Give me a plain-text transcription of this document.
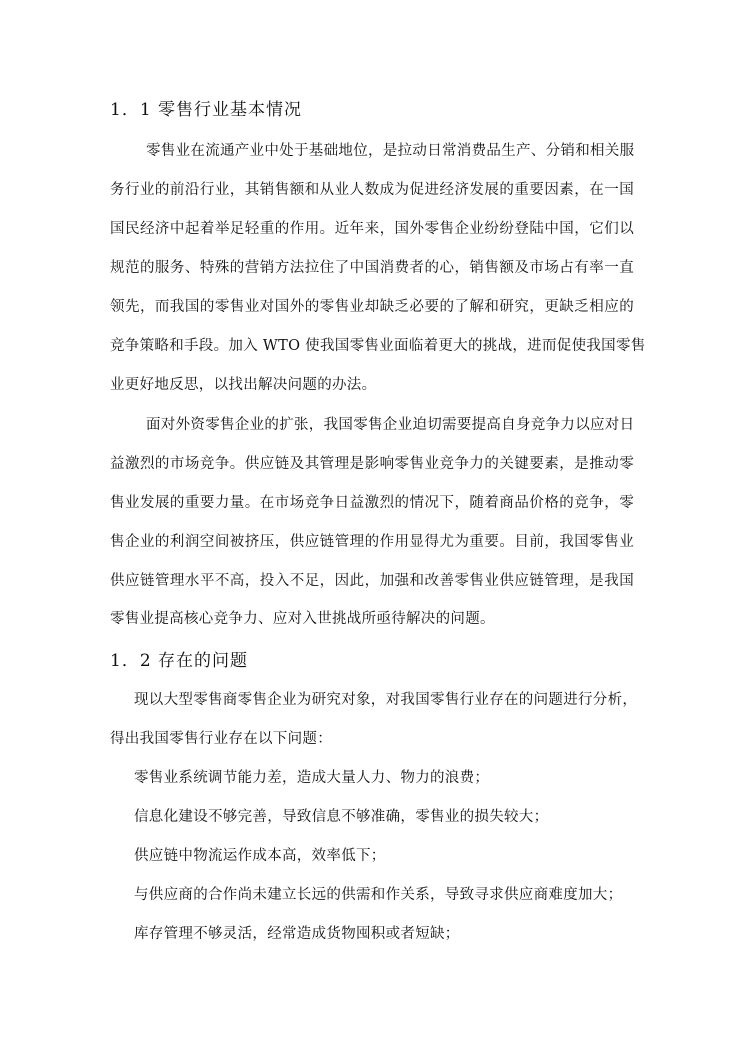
1．1 零售行业基本情况
零售业在流通产业中处于基础地位，是拉动日常消费品生产、分销和相关服
务行业的前沿行业，其销售额和从业人数成为促进经济发展的重要因素，在一国
国民经济中起着举足轻重的作用。近年来，国外零售企业纷纷登陆中国，它们以
规范的服务、特殊的营销方法拉住了中国消费者的心，销售额及市场占有率一直
领先，而我国的零售业对国外的零售业却缺乏必要的了解和研究，更缺乏相应的
竞争策略和手段。加入 WTO 使我国零售业面临着更大的挑战，进而促使我国零售
业更好地反思，以找出解决问题的办法。
面对外资零售企业的扩张，我国零售企业迫切需要提高自身竞争力以应对日
益激烈的市场竞争。供应链及其管理是影响零售业竞争力的关键要素，是推动零
售业发展的重要力量。在市场竞争日益激烈的情况下，随着商品价格的竞争，零
售企业的利润空间被挤压，供应链管理的作用显得尤为重要。目前，我国零售业
供应链管理水平不高，投入不足，因此，加强和改善零售业供应链管理，是我国
零售业提高核心竞争力、应对入世挑战所亟待解决的问题。
1．2 存在的问题
现以大型零售商零售企业为研究对象，对我国零售行业存在的问题进行分析，
得出我国零售行业存在以下问题：
零售业系统调节能力差，造成大量人力、物力的浪费；
信息化建设不够完善，导致信息不够准确，零售业的损失较大；
供应链中物流运作成本高，效率低下；
与供应商的合作尚未建立长远的供需和作关系，导致寻求供应商难度加大；
库存管理不够灵活，经常造成货物囤积或者短缺；
